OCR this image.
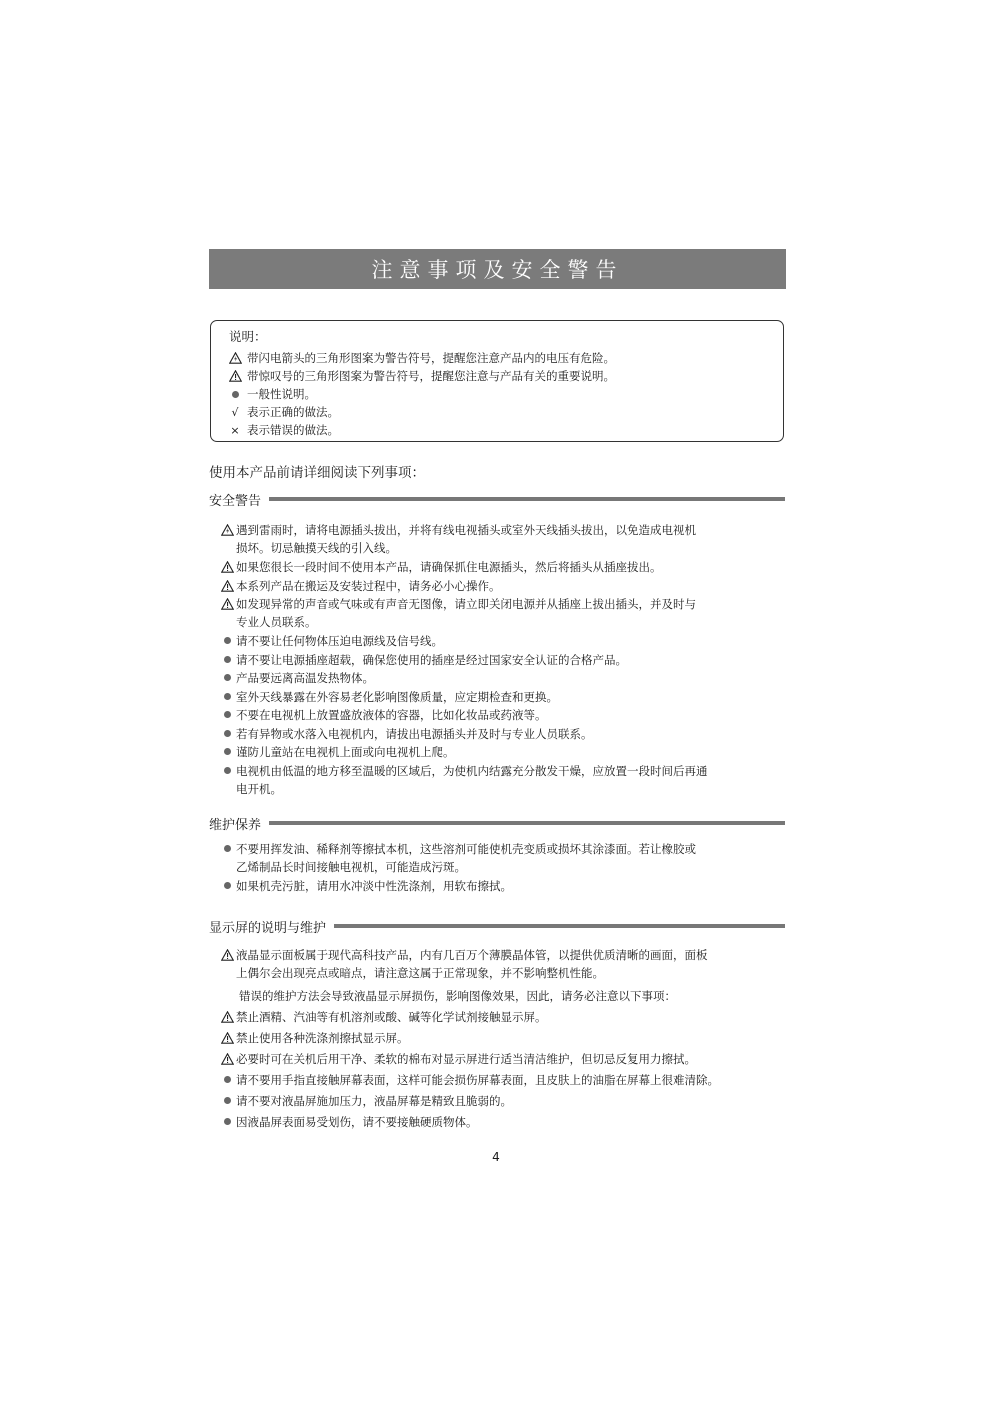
注意事项及安全警告
说明：
带闪电箭头的三角形图案为警告符号，提醒您注意产品内的电压有危险。
带惊叹号的三角形图案为警告符号，提醒您注意与产品有关的重要说明。
一般性说明。
√ 表示正确的做法。
× 表示错误的做法。
使用本产品前请详细阅读下列事项：
安全警告
遇到雷雨时，请将电源插头拔出，并将有线电视插头或室外天线插头拔出，以免造成电视机
损坏。切忌触摸天线的引入线。
如果您很长一段时间不使用本产品，请确保抓住电源插头，然后将插头从插座拔出。
本系列产品在搬运及安装过程中，请务必小心操作。
如发现异常的声音或气味或有声音无图像，请立即关闭电源并从插座上拔出插头，并及时与
专业人员联系。
请不要让任何物体压迫电源线及信号线。
请不要让电源插座超载，确保您使用的插座是经过国家安全认证的合格产品。
产品要远离高温发热物体。
室外天线暴露在外容易老化影响图像质量，应定期检查和更换。
不要在电视机上放置盛放液体的容器，比如化妆品或药液等。
若有异物或水落入电视机内，请拔出电源插头并及时与专业人员联系。
谨防儿童站在电视机上面或向电视机上爬。
电视机由低温的地方移至温暖的区域后，为使机内结露充分散发干燥，应放置一段时间后再通
电开机。
维护保养
不要用挥发油、稀释剂等擦拭本机，这些溶剂可能使机壳变质或损坏其涂漆面。若让橡胶或
乙烯制品长时间接触电视机，可能造成污斑。
如果机壳污脏，请用水冲淡中性洗涤剂，用软布擦拭。
显示屏的说明与维护
液晶显示面板属于现代高科技产品，内有几百万个薄膜晶体管，以提供优质清晰的画面，面板
上偶尔会出现亮点或暗点，请注意这属于正常现象，并不影响整机性能。
错误的维护方法会导致液晶显示屏损伤，影响图像效果，因此，请务必注意以下事项：
禁止酒精、汽油等有机溶剂或酸、碱等化学试剂接触显示屏。
禁止使用各种洗涤剂擦拭显示屏。
必要时可在关机后用干净、柔软的棉布对显示屏进行适当清洁维护，但切忌反复用力擦拭。
请不要用手指直接触屏幕表面，这样可能会损伤屏幕表面，且皮肤上的油脂在屏幕上很难清除。
请不要对液晶屏施加压力，液晶屏幕是精致且脆弱的。
因液晶屏表面易受划伤，请不要接触硬质物体。
4
